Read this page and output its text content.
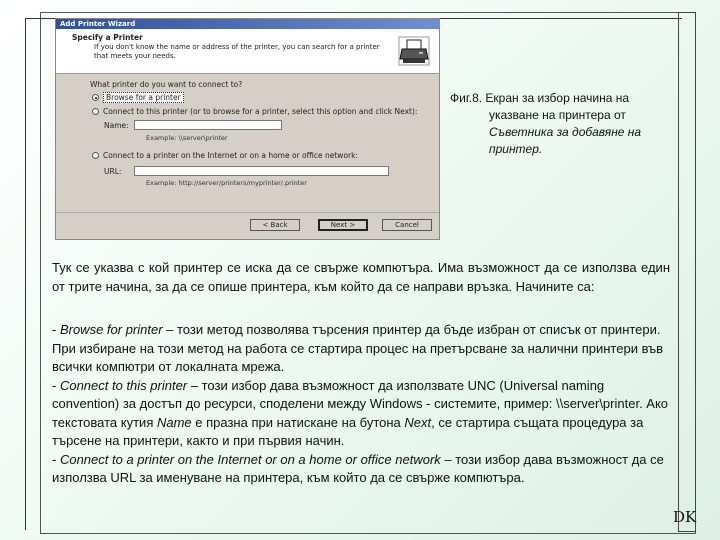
Add Printer Wizard
Specify a Printer
If you don't know the name or address of the printer, you can search for a printer that meets your needs.
What printer do you want to connect to?
Browse for a printer
Connect to this printer (or to browse for a printer, select this option and click Next):
Name:
Example: \\server\printer
Connect to a printer on the Internet or on a home or office network:
URL:
Example: http://server/printers/myprinter/.printer
< Back	Next >	Cancel
Фиг.8. Екран за избор начина на
указване на принтера от
Съветника за добавяне на принтер.
Тук се указва с кой принтер се иска да се свърже компютъра. Има възможност да се използва един от трите начина, за да се опише принтера, към който да се направи връзка. Начините са:
- Browse for printer – този метод позволява търсения принтер да бъде избран от списък от принтери. При избиране на този метод на работа се стартира процес на претърсване за налични принтери във всички компютри от локалната мрежа.
- Connect to this printer – този избор дава възможност да използвате UNC (Universal naming convention) за достъп до ресурси, споделени между Windows - системите, пример: \\server\printer. Ако текстовата кутия Name е празна при натискане на бутона Next, се стартира същата процедура за търсене на принтери, както и при първия начин.
- Connect to a printer on the Internet or on a home or office network – този избор дава възможност да се използва URL за именуване на принтера, към който да се свърже компютъра.
DK
